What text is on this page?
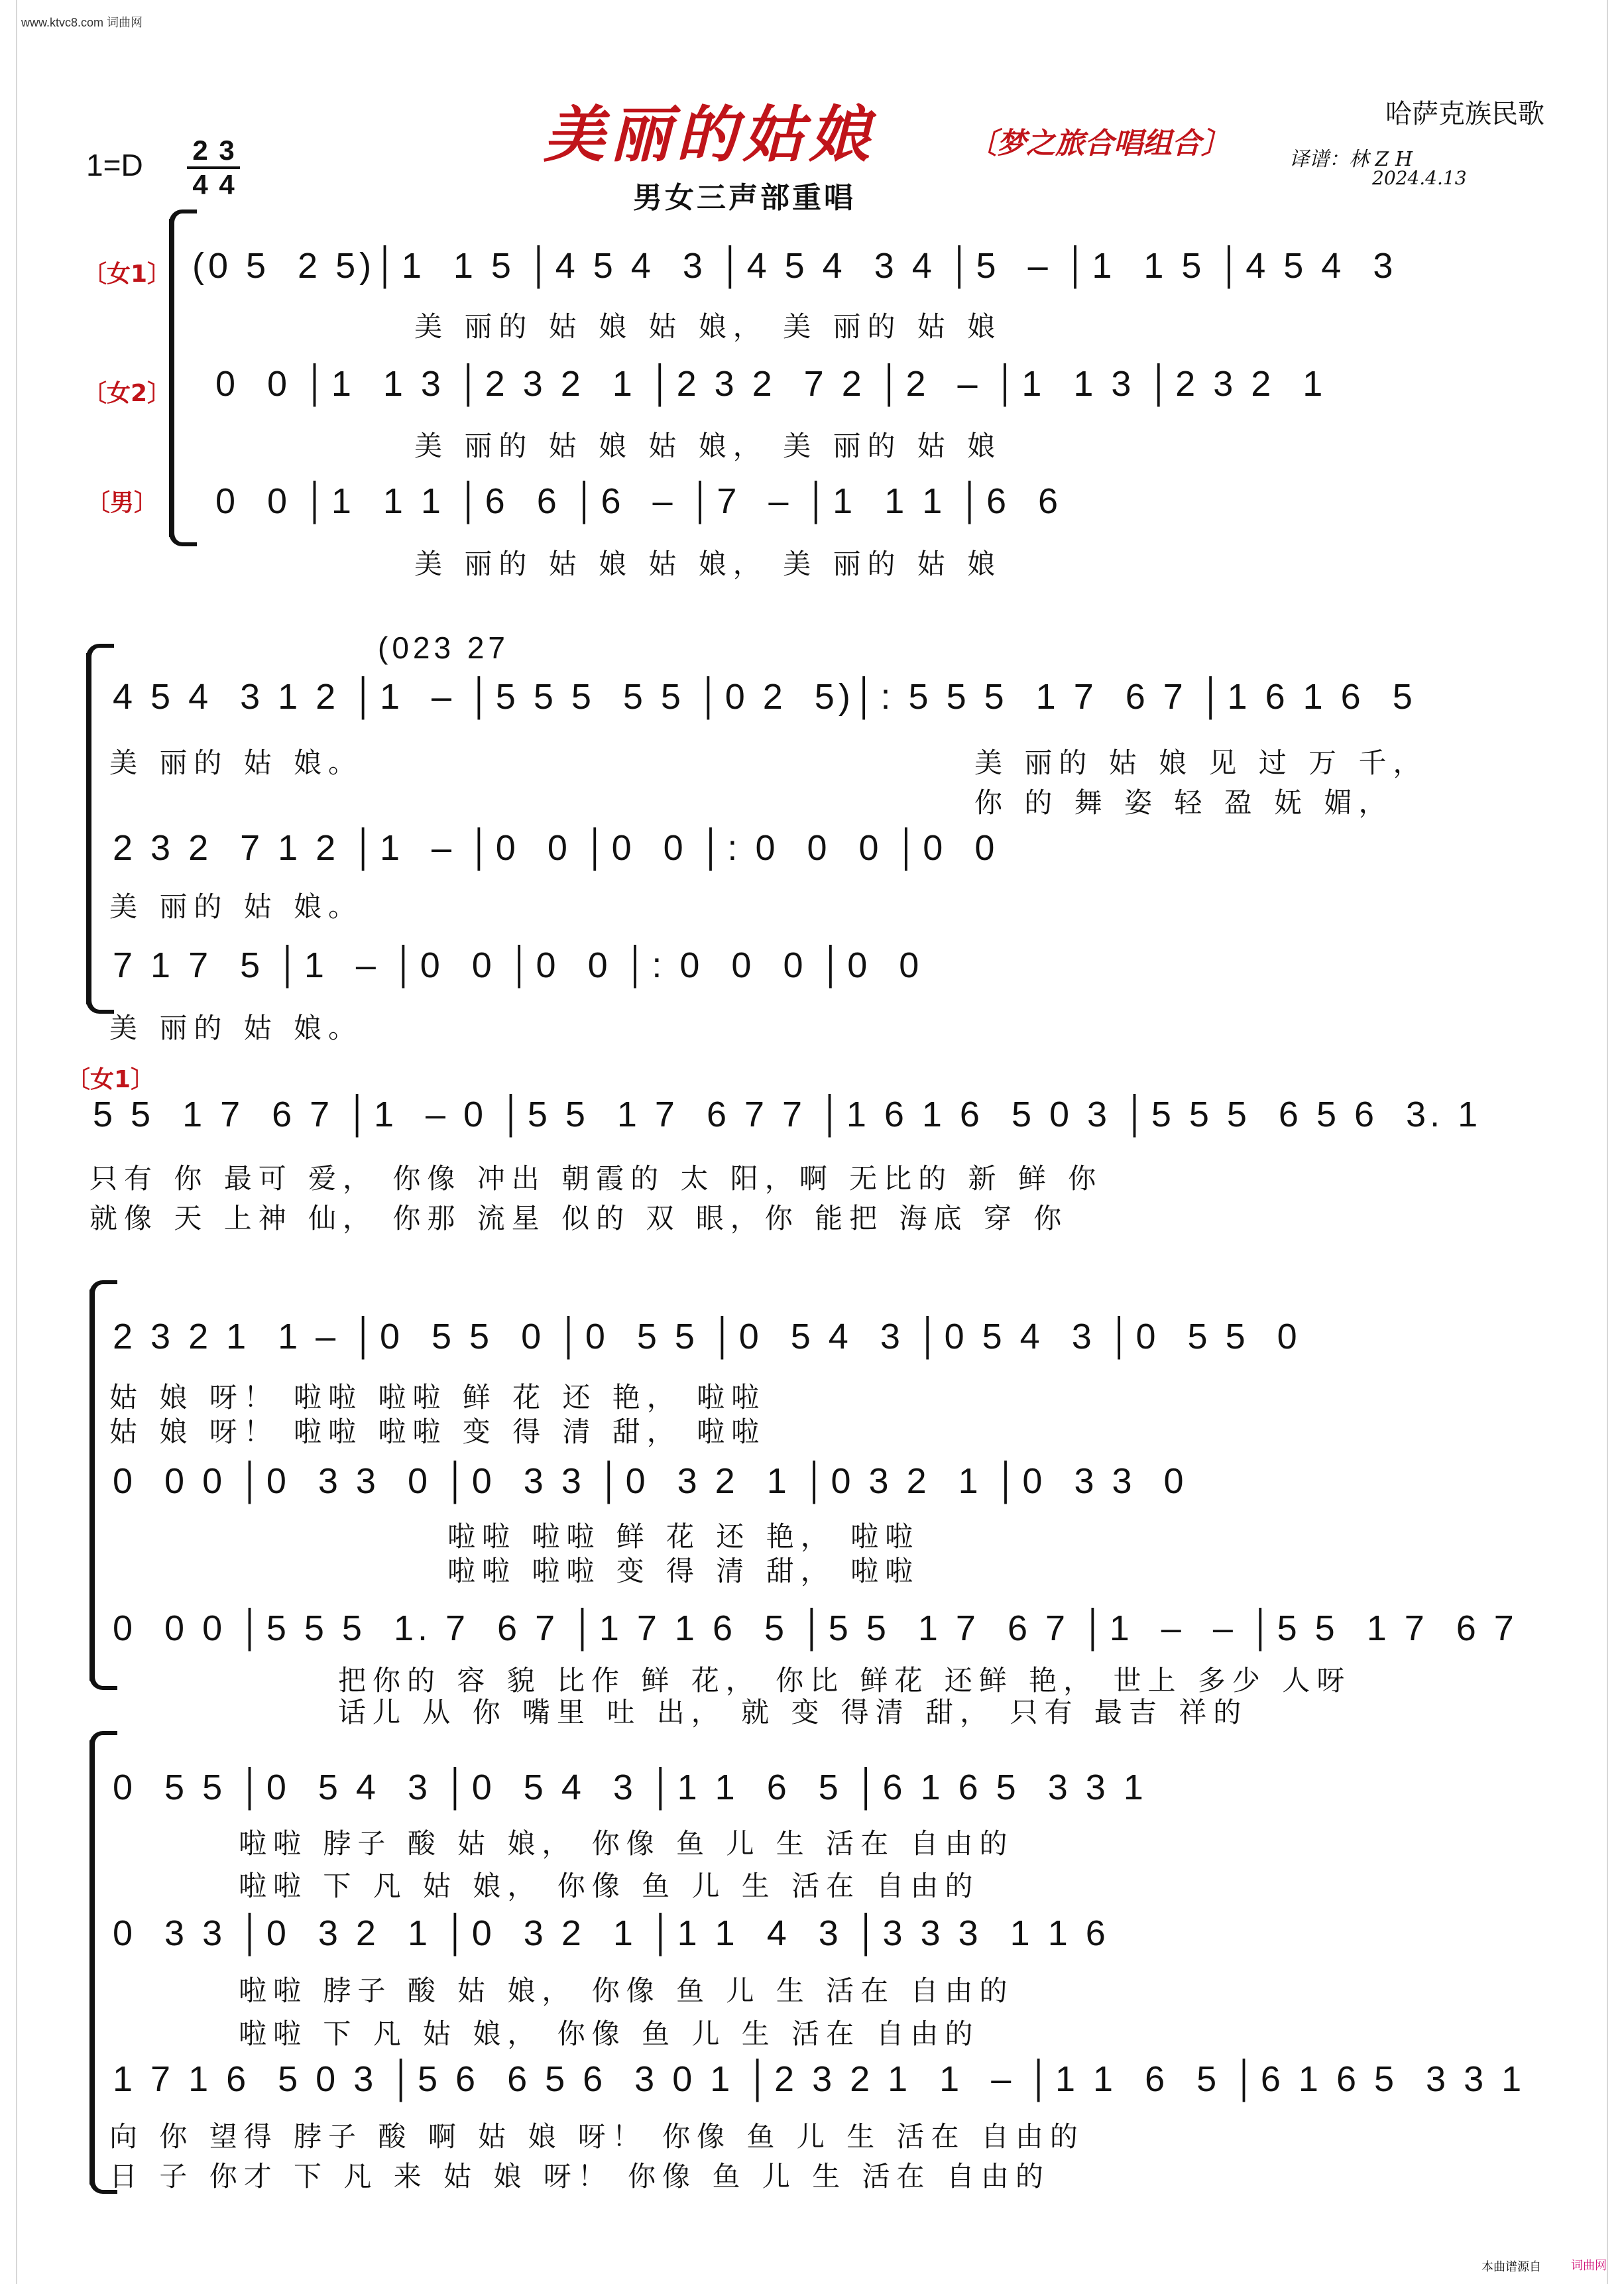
www.ktvc8.com 词曲网
美丽的姑娘	〔梦之旅合唱组合〕
哈萨克族民歌
译谱：林 Z H
2024.4.13
男女三声部重唱
1=D 2 3
4 4
〔女1〕
〔女2〕
〔男〕
(0 5  2 5)│1  1 5 │4 5 4  3 │4 5 4  3 4 │5  – │1  1 5 │4 5 4  3
美 丽的 姑 娘 姑 娘， 美 丽的 姑 娘
0  0 │1  1 3 │2 3 2  1 │2 3 2  7 2 │2  – │1  1 3 │2 3 2  1
美 丽的 姑 娘 姑 娘， 美 丽的 姑 娘
0  0 │1  1 1 │6  6 │6  – │7  – │1  1 1 │6  6
美 丽的 姑 娘 姑 娘， 美 丽的 姑 娘
(023 27
4 5 4  3 1 2 │1  – │5 5 5  5 5 │0 2  5)│: 5 5 5  1 7  6 7 │1 6 1 6  5
美 丽的 姑 娘。	美 丽的 姑 娘 见 过 万 千，
你 的 舞 姿 轻 盈 妩 媚，
2 3 2  7 1 2 │1  – │0  0 │0  0 │: 0  0  0 │0  0
美 丽的 姑 娘。
7 1 7  5 │1  – │0  0 │0  0 │: 0  0  0 │0  0
美 丽的 姑 娘。
〔女1〕
5 5  1 7  6 7 │1  – 0 │5 5  1 7  6 7 7 │1 6 1 6  5 0 3 │5 5 5  6 5 6  3. 1
只有 你 最可 爱， 你像 冲出 朝霞的 太 阳，啊 无比的 新 鲜 你
就像 天 上神 仙， 你那 流星 似的 双 眼，你 能把 海底 穿 你
2 3 2 1  1 – │0  5 5  0 │0  5 5 │0  5 4  3 │0 5 4  3 │0  5 5  0
姑 娘 呀！ 啦啦 啦啦 鲜 花 还 艳， 啦啦
姑 娘 呀！ 啦啦 啦啦 变 得 清 甜， 啦啦
0  0 0 │0  3 3  0 │0  3 3 │0  3 2  1 │0 3 2  1 │0  3 3  0
啦啦 啦啦 鲜 花 还 艳， 啦啦
啦啦 啦啦 变 得 清 甜， 啦啦
0  0 0 │5 5 5  1. 7  6 7 │1 7 1 6  5 │5 5  1 7  6 7 │1  –  – │5 5  1 7  6 7
把你的 容 貌 比作 鲜 花， 你比 鲜花 还鲜 艳， 世上 多少 人呀
话儿 从 你 嘴里 吐 出， 就 变 得清 甜， 只有 最吉 祥的
0  5 5 │0  5 4  3 │0  5 4  3 │1 1  6  5 │6 1 6 5  3 3 1
啦啦 脖子 酸 姑 娘， 你像 鱼 儿 生 活在 自由的
啦啦 下 凡 姑 娘， 你像 鱼 儿 生 活在 自由的
0  3 3 │0  3 2  1 │0  3 2  1 │1 1  4  3 │3 3 3  1 1 6
啦啦 脖子 酸 姑 娘， 你像 鱼 儿 生 活在 自由的
啦啦 下 凡 姑 娘， 你像 鱼 儿 生 活在 自由的
1 7 1 6  5 0 3 │5 6  6 5 6  3 0 1 │2 3 2 1  1  – │1 1  6  5 │6 1 6 5  3 3 1
向 你 望得 脖子 酸 啊 姑 娘 呀！ 你像 鱼 儿 生 活在 自由的
日 子 你才 下 凡 来 姑 娘 呀！ 你像 鱼 儿 生 活在 自由的
本曲谱源自	词曲网
